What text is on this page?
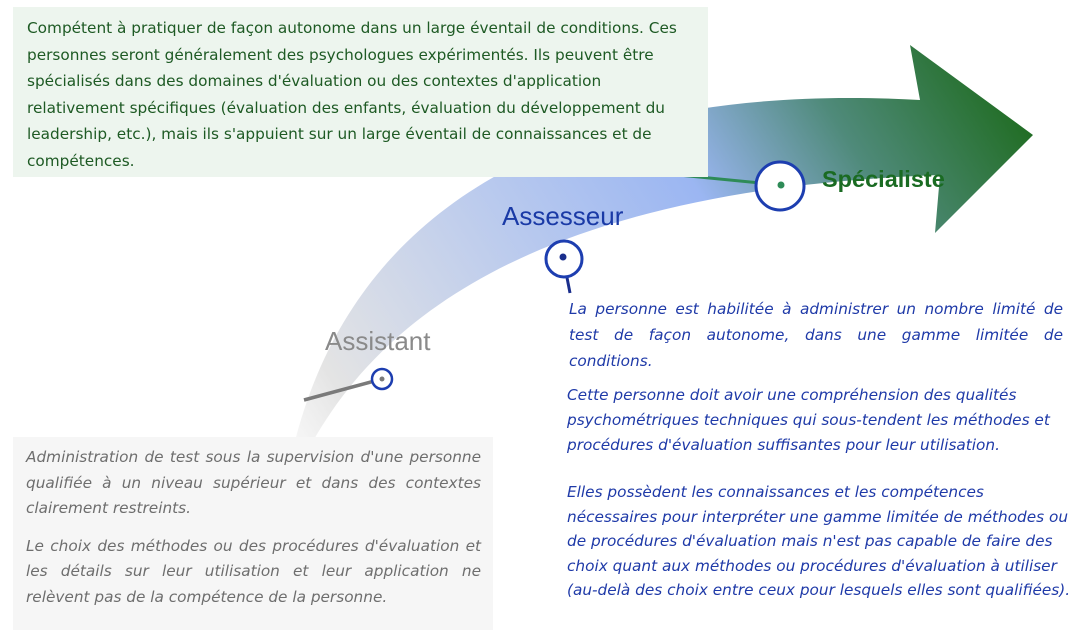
Compétent à pratiquer de façon autonome dans un large éventail de conditions. Ces personnes seront généralement des psychologues expérimentés. Ils peuvent être spécialisés dans des domaines d'évaluation ou des contextes d'application relativement spécifiques (évaluation des enfants, évaluation du développement du leadership, etc.), mais ils s'appuient sur un large éventail de connaissances et de compétences.

Administration de test sous la supervision d'une personne qualifiée à un niveau supérieur et dans des contextes clairement restreints.

Le choix des méthodes ou des procédures d'évaluation et les détails sur leur utilisation et leur application ne relèvent pas de la compétence de la personne.

La personne est habilitée à administrer un nombre limité de test de façon autonome, dans une gamme limitée de conditions.

Cette personne doit avoir une compréhension des qualités psychométriques techniques qui sous-tendent les méthodes et procédures d'évaluation suffisantes pour leur utilisation.

Elles possèdent les connaissances et les compétences nécessaires pour interpréter une gamme limitée de méthodes ou de procédures d'évaluation mais n'est pas capable de faire des choix quant aux méthodes ou procédures d'évaluation à utiliser (au-delà des choix entre ceux pour lesquels elles sont qualifiées).

Assistant
Assesseur
Spécialiste
